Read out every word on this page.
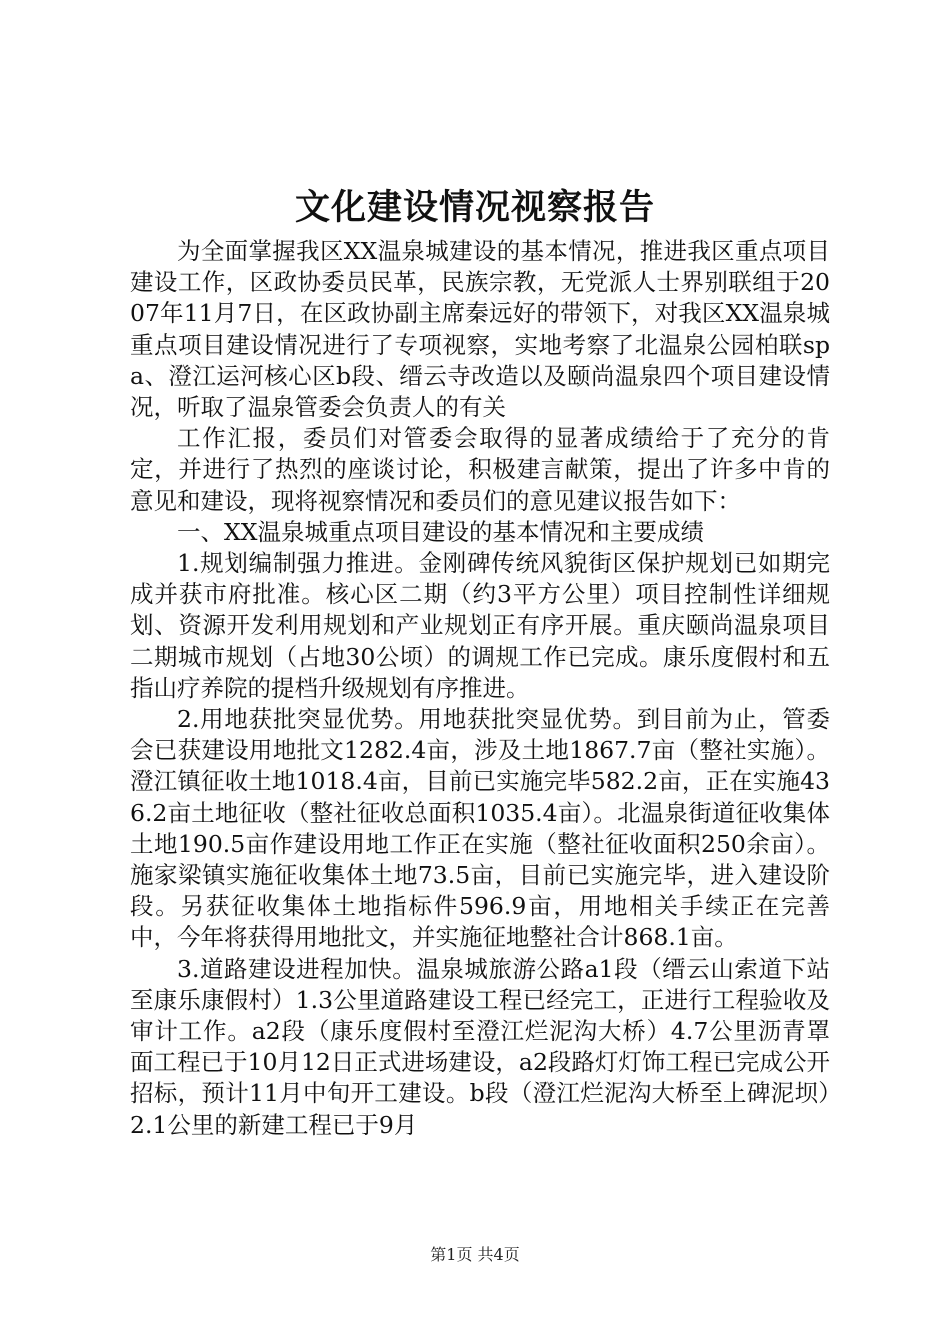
文化建设情况视察报告

为全面掌握我区XX温泉城建设的基本情况，推进我区重点项目建设工作，区政协委员民革，民族宗教，无党派人士界别联组于2007年11月7日，在区政协副主席秦远好的带领下，对我区XX温泉城重点项目建设情况进行了专项视察，实地考察了北温泉公园柏联spa、澄江运河核心区b段、缙云寺改造以及颐尚温泉四个项目建设情况，听取了温泉管委会负责人的有关

工作汇报，委员们对管委会取得的显著成绩给于了充分的肯定，并进行了热烈的座谈讨论，积极建言献策，提出了许多中肯的意见和建设，现将视察情况和委员们的意见建议报告如下：

一、XX温泉城重点项目建设的基本情况和主要成绩

1.规划编制强力推进。金刚碑传统风貌街区保护规划已如期完成并获市府批准。核心区二期（约3平方公里）项目控制性详细规划、资源开发利用规划和产业规划正有序开展。重庆颐尚温泉项目二期城市规划（占地30公顷）的调规工作已完成。康乐度假村和五指山疗养院的提档升级规划有序推进。

2.用地获批突显优势。用地获批突显优势。到目前为止，管委会已获建设用地批文1282.4亩，涉及土地1867.7亩（整社实施）。澄江镇征收土地1018.4亩，目前已实施完毕582.2亩，正在实施436.2亩土地征收（整社征收总面积1035.4亩）。北温泉街道征收集体土地190.5亩作建设用地工作正在实施（整社征收面积250余亩）。施家梁镇实施征收集体土地73.5亩，目前已实施完毕，进入建设阶段。另获征收集体土地指标件596.9亩，用地相关手续正在完善中，今年将获得用地批文，并实施征地整社合计868.1亩。

3.道路建设进程加快。温泉城旅游公路a1段（缙云山索道下站至康乐康假村）1.3公里道路建设工程已经完工，正进行工程验收及审计工作。a2段（康乐度假村至澄江烂泥沟大桥）4.7公里沥青罩面工程已于10月12日正式进场建设，a2段路灯灯饰工程已完成公开招标，预计11月中旬开工建设。b段（澄江烂泥沟大桥至上碑泥坝）2.1公里的新建工程已于9月

第1页 共4页
